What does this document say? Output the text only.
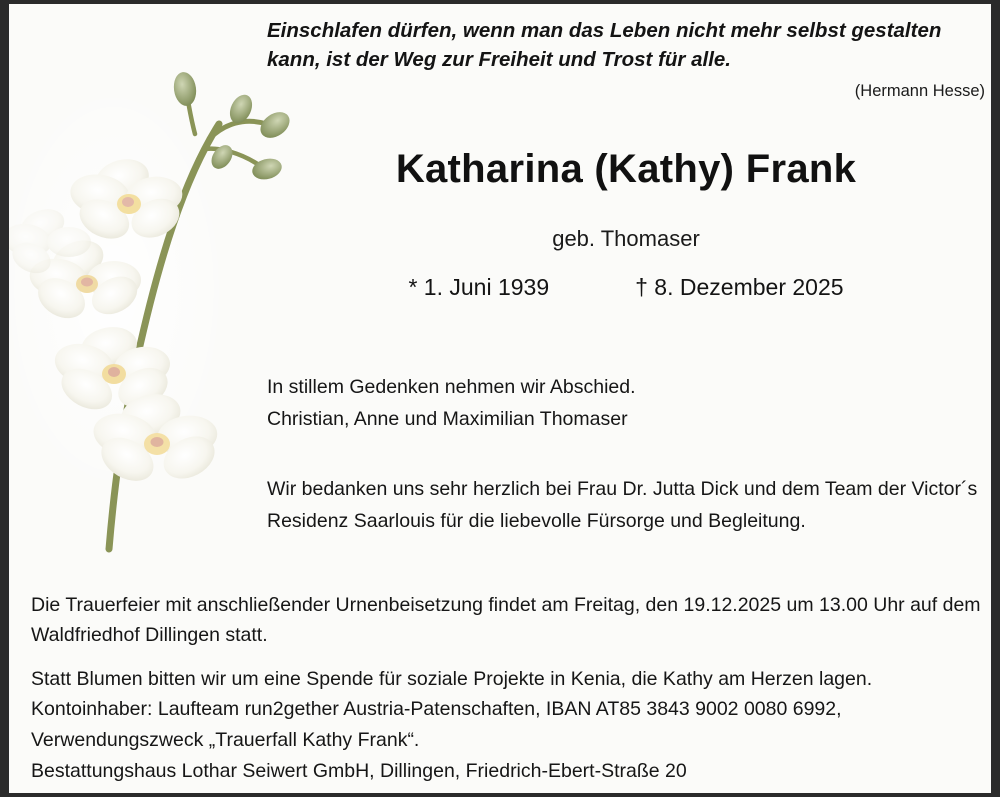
Einschlafen dürfen, wenn man das Leben nicht mehr selbst gestalten kann, ist der Weg zur Freiheit und Trost für alle.
(Hermann Hesse)
Katharina (Kathy) Frank
geb. Thomaser
* 1. Juni 1939	† 8. Dezember 2025
In stillem Gedenken nehmen wir Abschied.
Christian, Anne und Maximilian Thomaser
Wir bedanken uns sehr herzlich bei Frau Dr. Jutta Dick und dem Team der Victor´s Residenz Saarlouis für die liebevolle Fürsorge und Begleitung.
Die Trauerfeier mit anschließender Urnenbeisetzung findet am Freitag, den 19.12.2025 um 13.00 Uhr auf dem Waldfriedhof Dillingen statt.
Statt Blumen bitten wir um eine Spende für soziale Projekte in Kenia, die Kathy am Herzen lagen. Kontoinhaber: Laufteam run2gether Austria-Patenschaften, IBAN AT85 3843 9002 0080 6992, Verwendungszweck „Trauerfall Kathy Frank“.
Bestattungshaus Lothar Seiwert GmbH, Dillingen, Friedrich-Ebert-Straße 20
